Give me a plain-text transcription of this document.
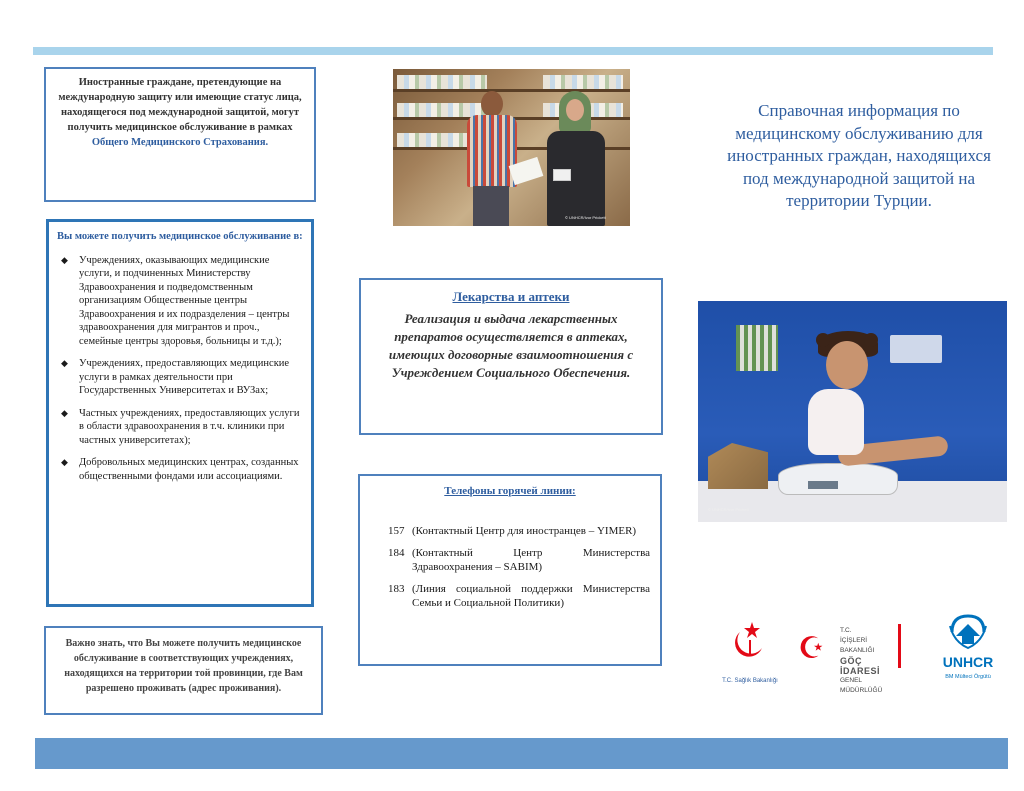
Иностранные граждане, претендующие на международную защиту или имеющие статус лица, находящегося под международной защитой, могут получить медицинское обслуживание в рамках Общего Медицинского Страхования.
Вы можете получить медицинское обслуживание в:
◆ Учреждениях, оказывающих медицинские услуги, и подчиненных Министерству Здравоохранения и подведомственным организациям Общественные центры Здравоохранения и их подразделения – центры здравоохранения для мигрантов и проч., семейные центры здоровья, больницы и т.д.);
◆ Учреждениях, предоставляющих медицинские услуги в рамках деятельности при Государственных Университетах и ВУЗах;
◆ Частных учреждениях, предоставляющих услуги в области здравоохранения в т.ч. клиники при частных университетах);
◆ Добровольных медицинских центрах, созданных общественными фондами или ассоциациями.
Важно знать, что Вы можете получить медицинское обслуживание в соответствующих учреждениях, находящихся на территории той провинции, где Вам разрешено проживать (адрес проживания).
© UNHCR/Ivor Prickett
Лекарства и аптеки
Реализация и выдача лекарственных препаратов осуществляется в аптеках, имеющих договорные взаимоотношения с Учреждением Социального Обеспечения.
Телефоны горячей линии:
157 (Контактный Центр для иностранцев – YIMER)
184 (Контактный Центр Министерства Здравоохранения – SABIM)
183 (Линия социальной поддержки Министерства Семьи и Социальной Политики)
Справочная информация по медицинскому обслуживанию для иностранных граждан, находящихся под международной защитой на территории Турции.
© UNHCR/Ivor Prickett
T.C. Sağlık Bakanlığı
☪
T.C.
İÇİŞLERİ BAKANLIĞI
GÖÇ İDARESİ
GENEL MÜDÜRLÜĞÜ
UNHCR
BM Mülteci Örgütü
